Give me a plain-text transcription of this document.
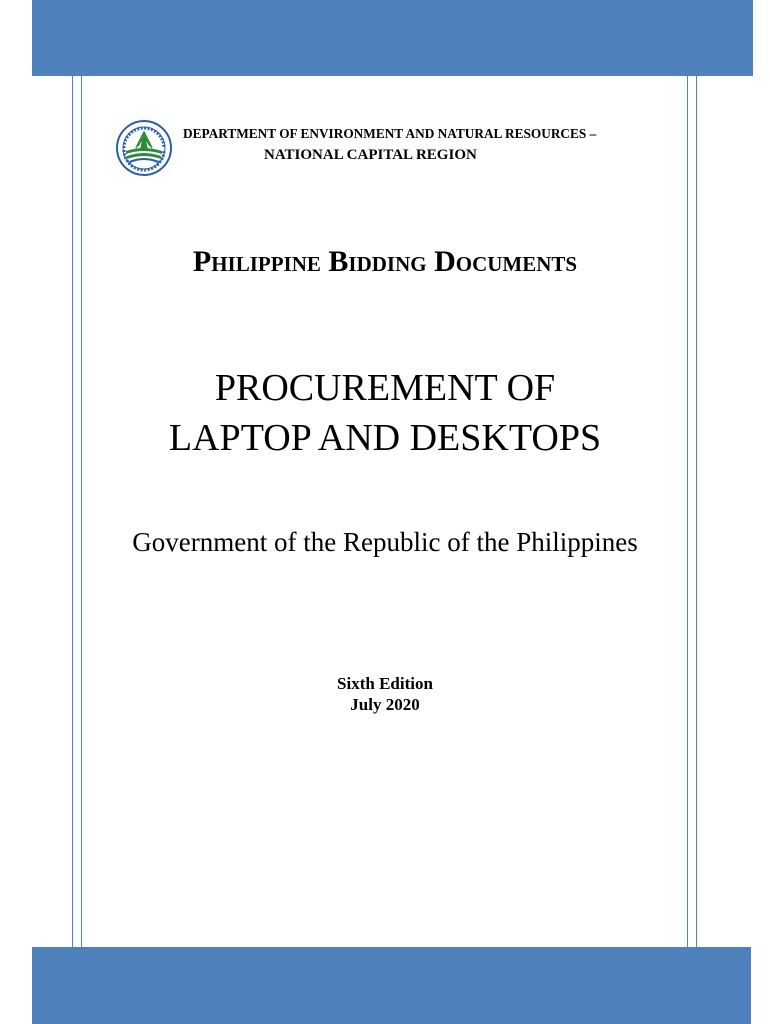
DEPARTMENT OF ENVIRONMENT AND NATURAL RESOURCES –
NATIONAL CAPITAL REGION
Philippine Bidding Documents
PROCUREMENT OF
LAPTOP AND DESKTOPS
Government of the Republic of the Philippines
Sixth Edition
July 2020
